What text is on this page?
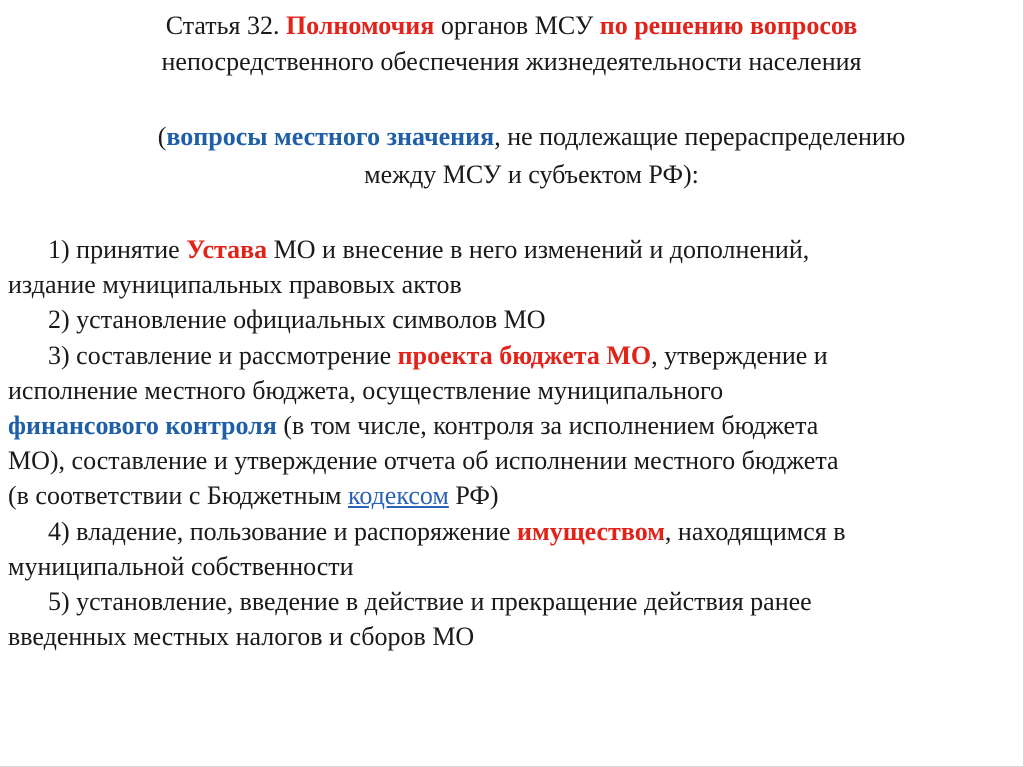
Статья 32. Полномочия органов МСУ по решению вопросов
непосредственного обеспечения жизнедеятельности населения
(вопросы местного значения, не подлежащие перераспределению
между МСУ и субъектом РФ):
1) принятие Устава МО и внесение в него изменений и дополнений,
издание муниципальных правовых актов
2) установление официальных символов МО
3) составление и рассмотрение проекта бюджета МО, утверждение и
исполнение местного бюджета, осуществление муниципального
финансового контроля (в том числе, контроля за исполнением бюджета
МО), составление и утверждение отчета об исполнении местного бюджета
(в соответствии с Бюджетным кодексом РФ)
4) владение, пользование и распоряжение имуществом, находящимся в
муниципальной собственности
5) установление, введение в действие и прекращение действия ранее
введенных местных налогов и сборов МО
